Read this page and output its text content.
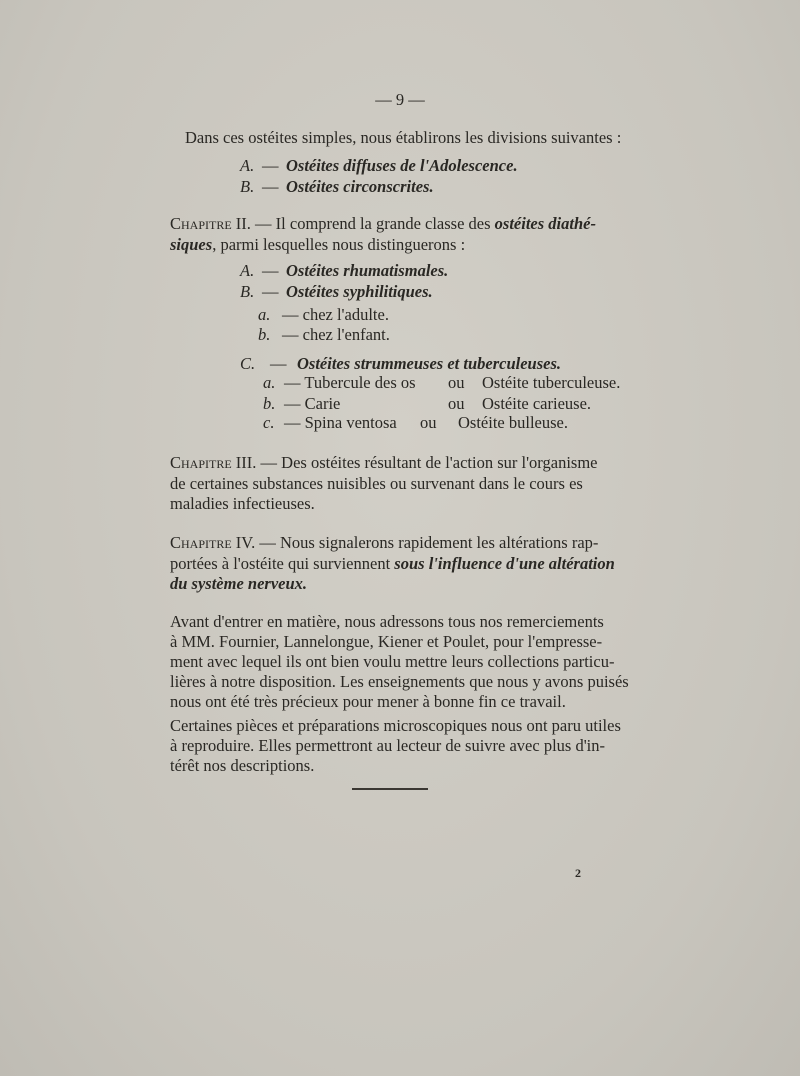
— 9 —
Dans ces ostéites simples, nous établirons les divisions suivantes :
A. — Ostéites diffuses de l'Adolescence.
B. — Ostéites circonscrites.
Chapitre II. — Il comprend la grande classe des ostéites diathé-
siques, parmi lesquelles nous distinguerons :
A. — Ostéites rhumatismales.
B. — Ostéites syphilitiques.
a. — chez l'adulte.
b. — chez l'enfant.
C. — Ostéites strummeuses et tuberculeuses.
a. — Tubercule des os ou Ostéite tuberculeuse.
b. — Carie	ou Ostéite carieuse.
c. — Spina ventosa ou Ostéite bulleuse.
Chapitre III. — Des ostéites résultant de l'action sur l'organisme
de certaines substances nuisibles ou survenant dans le cours es
maladies infectieuses.
Chapitre IV. — Nous signalerons rapidement les altérations rap-
portées à l'ostéite qui surviennent sous l'influence d'une altération
du système nerveux.
Avant d'entrer en matière, nous adressons tous nos remerciements
à MM. Fournier, Lannelongue, Kiener et Poulet, pour l'empresse-
ment avec lequel ils ont bien voulu mettre leurs collections particu-
lières à notre disposition. Les enseignements que nous y avons puisés
nous ont été très précieux pour mener à bonne fin ce travail.
Certaines pièces et préparations microscopiques nous ont paru utiles
à reproduire. Elles permettront au lecteur de suivre avec plus d'in-
térêt nos descriptions.
2
